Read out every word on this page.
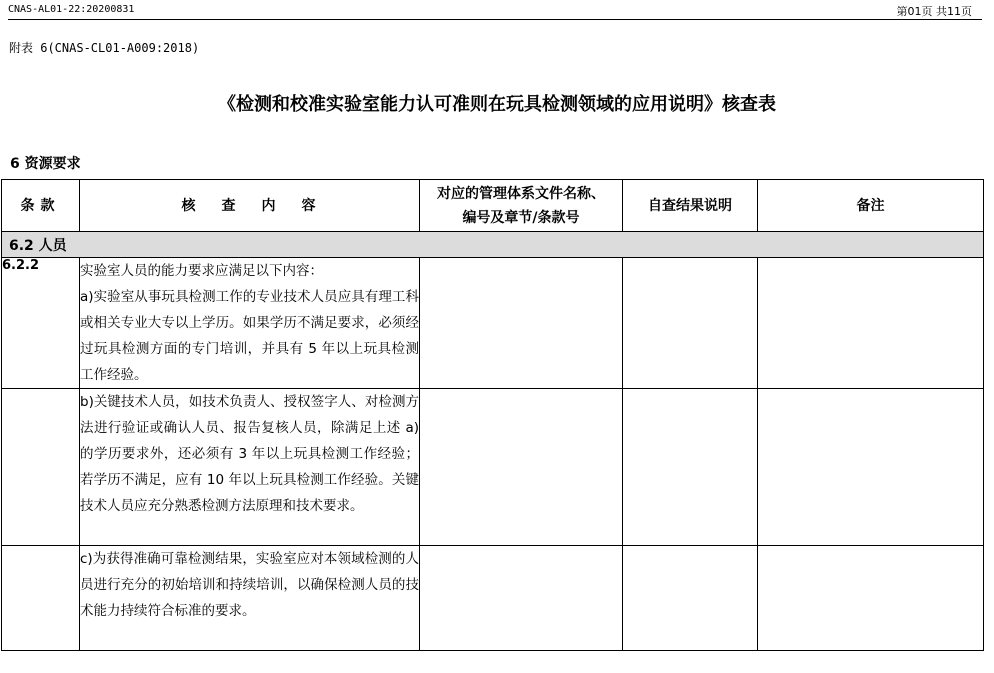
CNAS-AL01-22:20200831	第01页 共11页
附表 6(CNAS-CL01-A009:2018)
《检测和校准实验室能力认可准则在玩具检测领域的应用说明》核查表
6 资源要求
条款	核查内容	对应的管理体系文件名称、
编号及章节/条款号	自查结果说明	备注
6.2 人员				
6.2.2	实验室人员的能力要求应满足以下内容：

a)实验室从事玩具检测工作的专业技术人员应具有理工科或相关专业大专以上学历。如果学历不满足要求，必须经过玩具检测方面的专门培训，并具有 5 年以上玩具检测工作经验。			

	b)关键技术人员，如技术负责人、授权签字人、对检测方法进行验证或确认人员、报告复核人员，除满足上述 a)的学历要求外，还必须有 3 年以上玩具检测工作经验；若学历不满足，应有 10 年以上玩具检测工作经验。关键技术人员应充分熟悉检测方法原理和技术要求。			

	c)为获得准确可靠检测结果，实验室应对本领域检测的人员进行充分的初始培训和持续培训，以确保检测人员的技术能力持续符合标准的要求。			
